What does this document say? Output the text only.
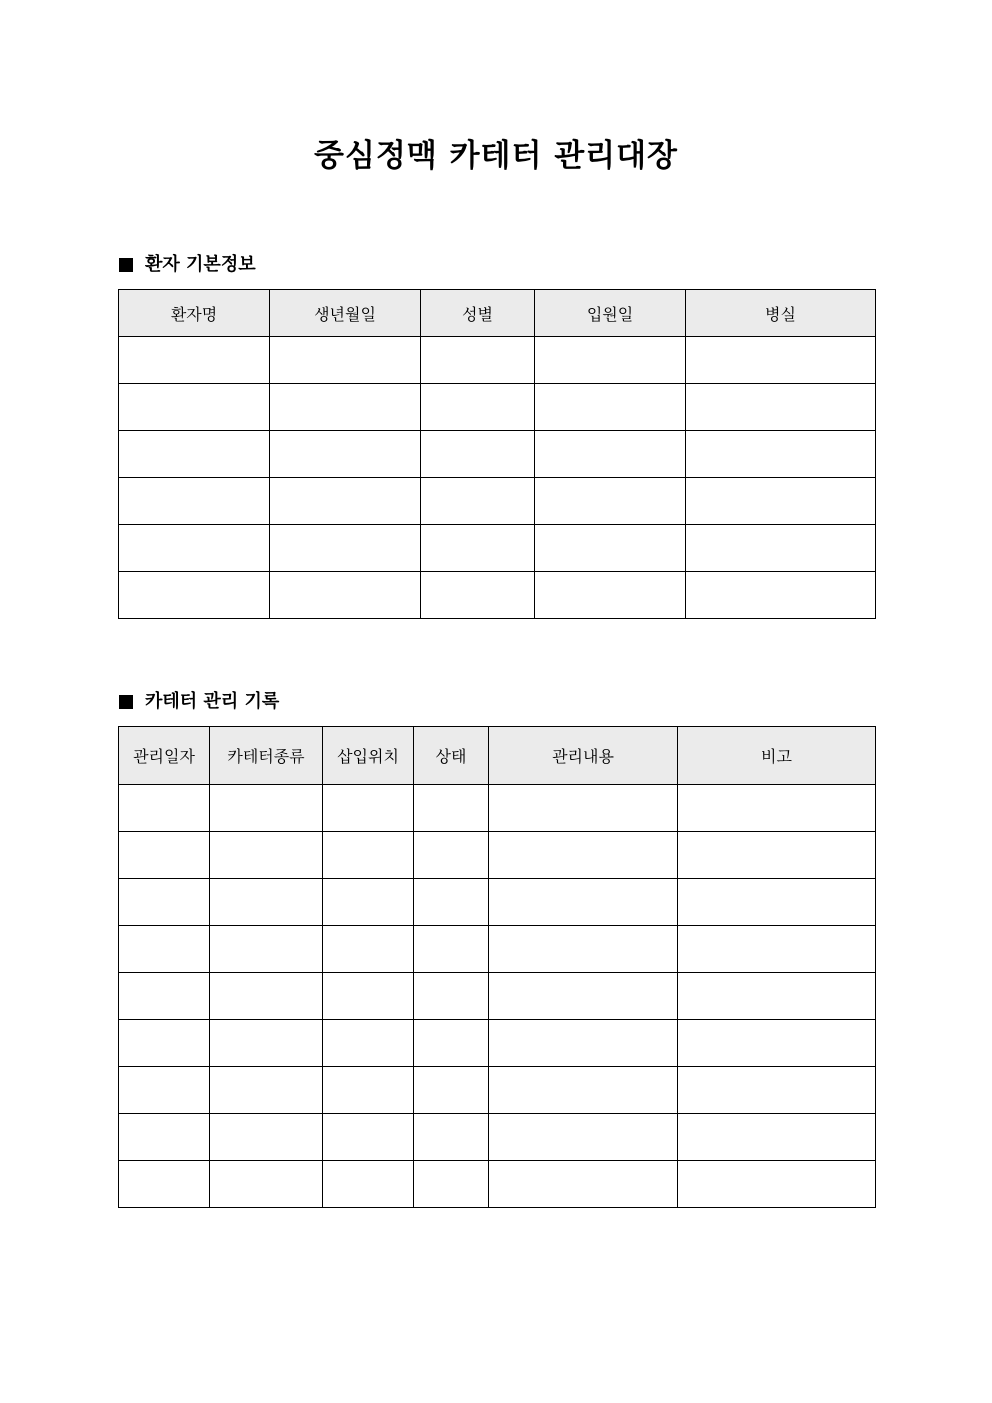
중심정맥 카테터 관리대장
환자 기본정보
환자명	생년월일	성별	입원일	병실

카테터 관리 기록
관리일자	카테터종류	삽입위치	상태	관리내용	비고
